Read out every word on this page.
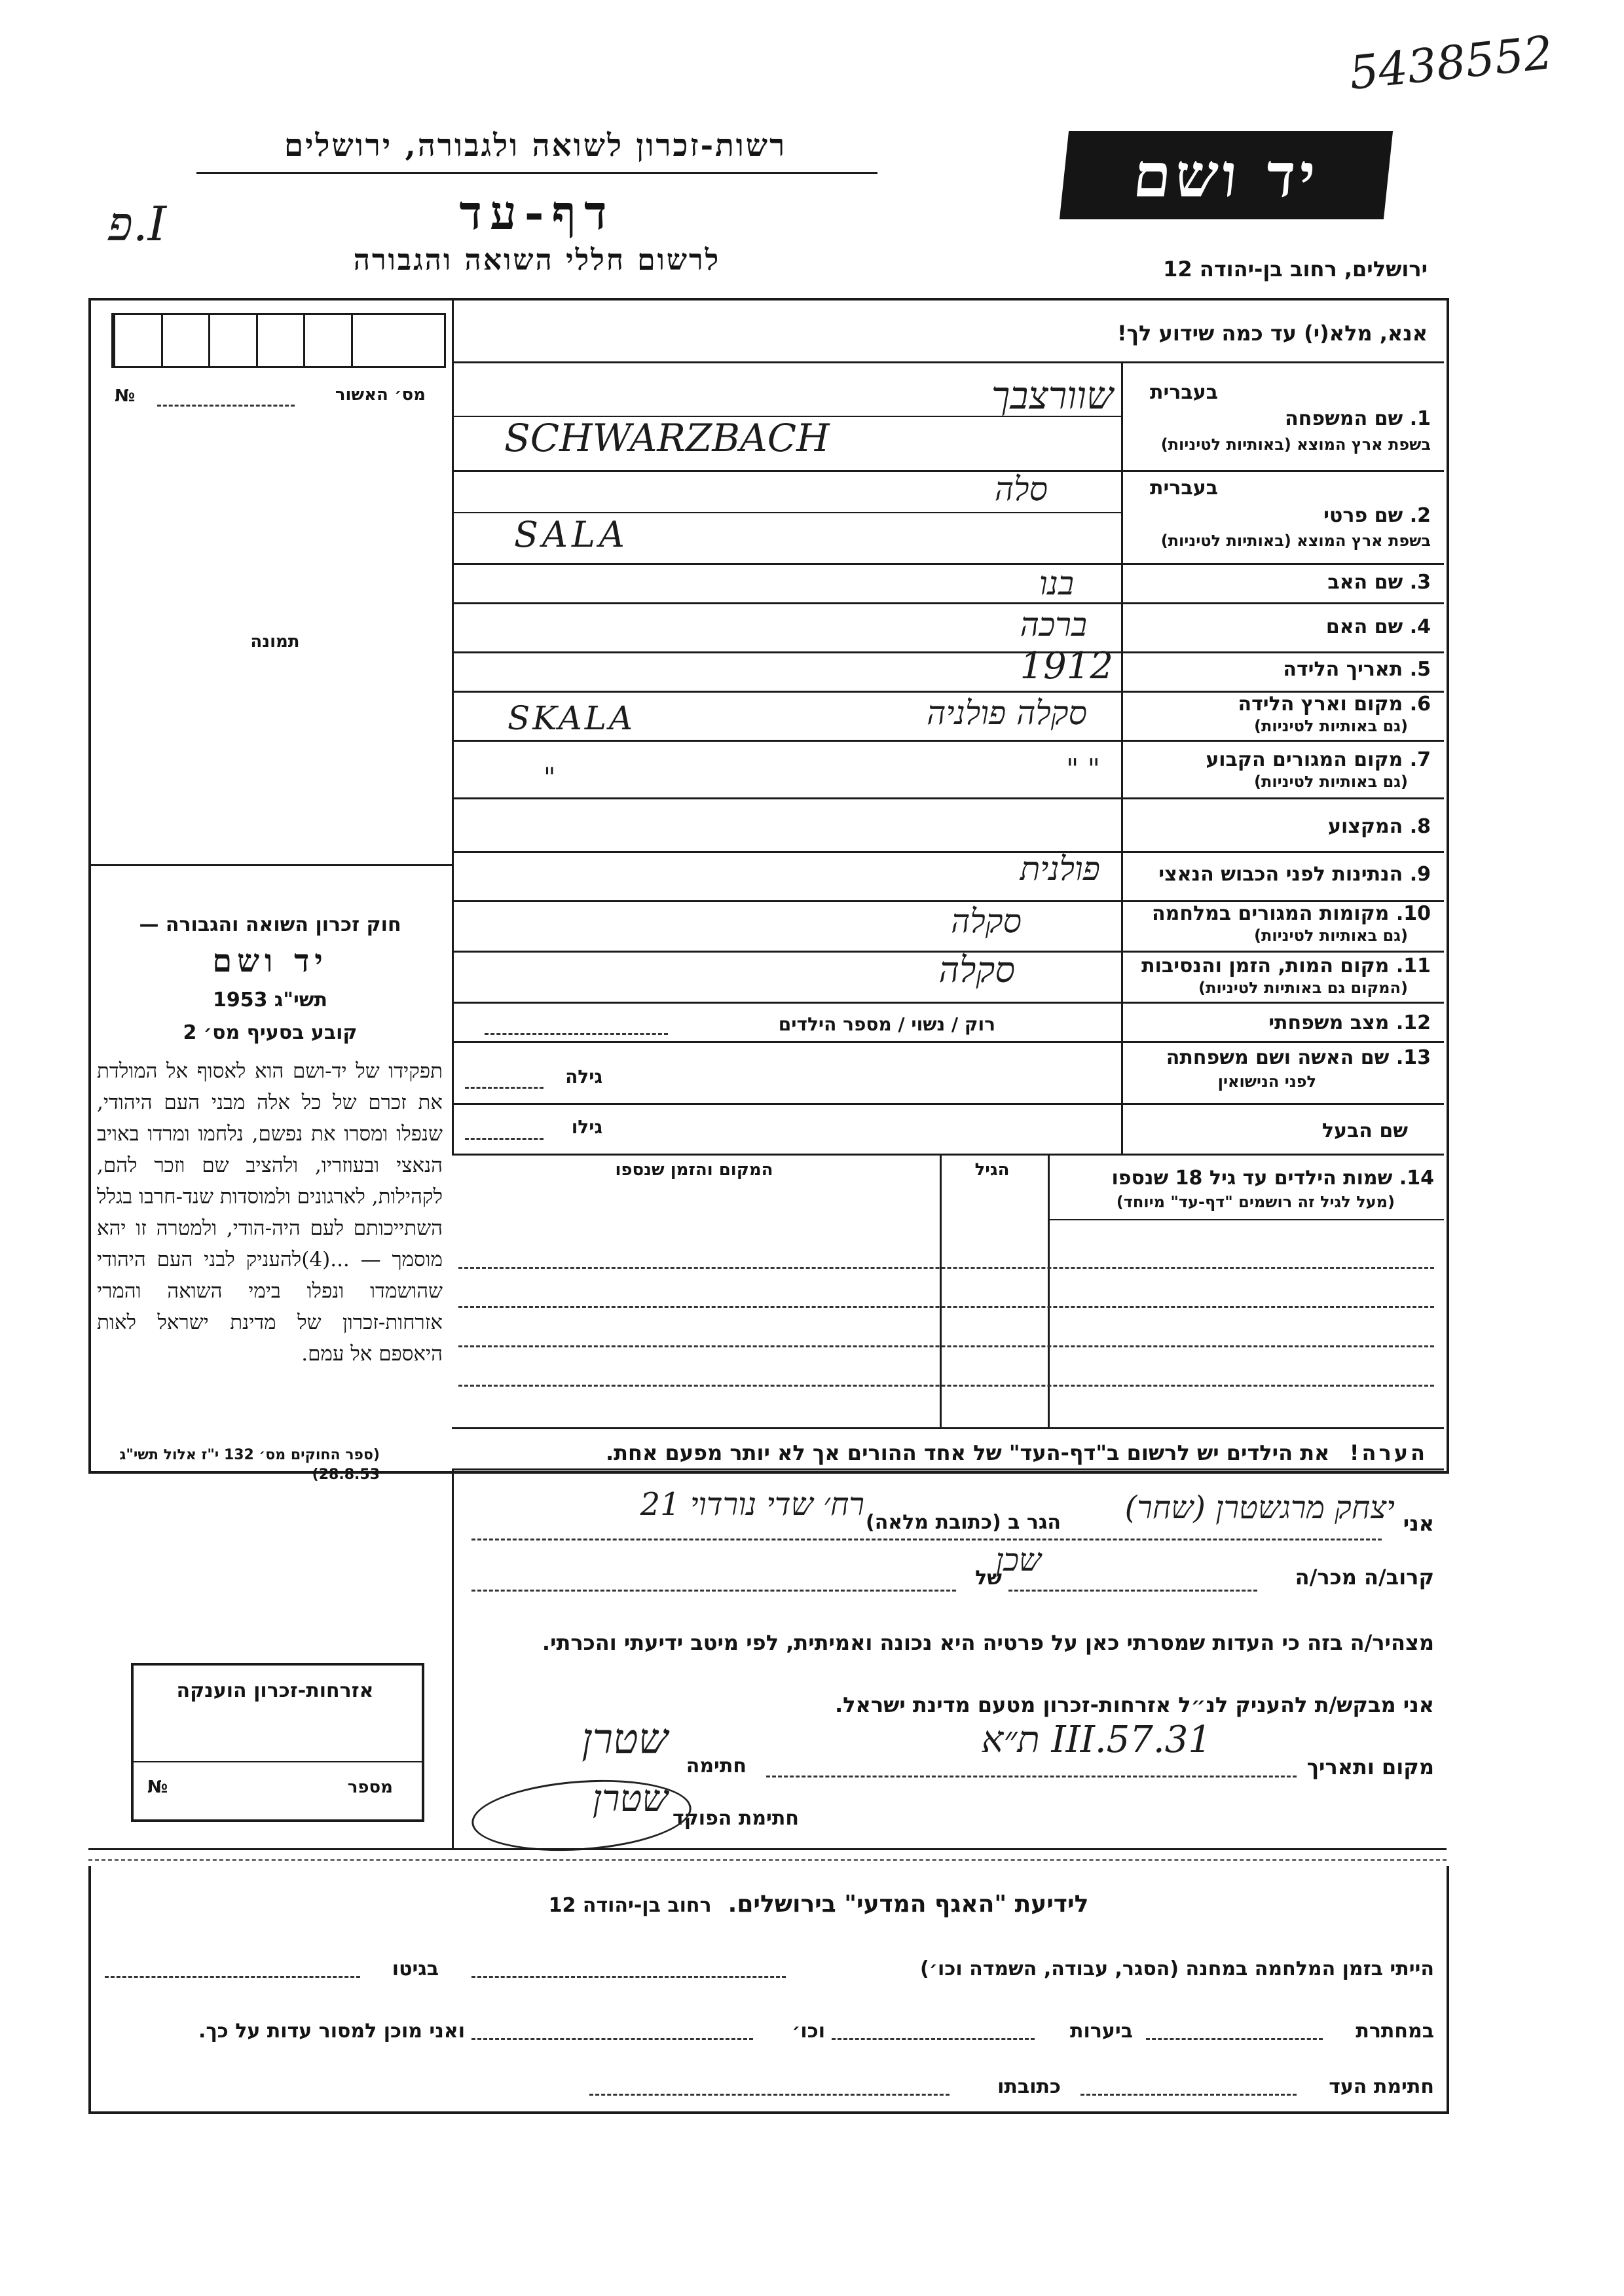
5438552
יד ושם
רשות-זכרון לשואה ולגבורה, ירושלים
דף-עד
לרשום חללי השואה והגבורה	ירושלים, רחוב בן-יהודה 12
פ.I
מס׳ האשור
№
תמונה
אנא, מלא(י) עד כמה שידוע לך!
בעברית
1. שם המשפחה
בשפת ארץ המוצא (באותיות לטיניות)
שוורצבך
SCHWARZBACH
בעברית
2. שם פרטי
בשפת ארץ המוצא (באותיות לטיניות)
סלה
SALA
3. שם האב
בנו
4. שם האם
ברכה
5. תאריך הלידה
1912
6. מקום וארץ הלידה
(גם באותיות לטיניות)
סקלה פולניה
SKALA
7. מקום המגורים הקבוע
(גם באותיות לטיניות)
" "
"
8. המקצוע
9. הנתינות לפני הכבוש הנאצי
פולנית
10. מקומות המגורים במלחמה
(גם באותיות לטיניות)
סקלה
11. מקום המות, הזמן והנסיבות
(המקום גם באותיות לטיניות)
סקלה
12. מצב משפחתי
רוק / נשוי / מספר הילדים
13. שם האשה ושם משפחתה
לפני הנישואין
גילה
שם הבעל
גילו
14. שמות הילדים עד גיל 18 שנספו
(מעל לגיל זה רושמים "דף-עד" מיוחד)
הגיל
המקום והזמן שנספו
הערה!   את הילדים יש לרשום ב"דף-העד" של אחד ההורים אך לא יותר מפעם אחת.
חוק זכרון השואה והגבורה —
יד ושם
תשי"ג 1953
קובע בסעיף מס׳ 2
תפקידו של יד-ושם הוא לאסוף אל המולדת את זכרם של כל אלה מבני העם היהודי, שנפלו ומסרו את נפשם, נלחמו ומרדו באויב הנאצי ובעוזריו, ולהציב שם וזכר להם, לקהילות, לארגונים ולמוסדות שנד-חרבו בגלל השתייכותם לעם היה-הודי, ולמטרה זו יהא מוסמך — ...(4)להעניק לבני העם היהודי שהושמדו ונפלו בימי השואה והמרי אזרחות-זכרון של מדינת ישראל לאות היאספם אל עמם.
(ספר החוקים מס׳ 132 י"ז אלול תשי"ג 28.8.53)
אני
יצחק מרגשטרן (שחר)
הגר ב (כתובת מלאה)
רח׳ שדי נורדוי 21
קרוב/ה מכר/ה
שכן
של
מצהיר/ה בזה כי העדות שמסרתי כאן על פרטיה היא נכונה ואמיתית, לפי מיטב ידיעתי והכרתי.
אני מבקש/ת להעניק לנ״ל אזרחות-זכרון מטעם מדינת ישראל.
מקום ותאריך
31.III.57 ת״א
חתימה
שטרן
חתימת הפוקד
שטרן
אזרחות-זכרון הוענקה
מספר
№
לידיעת "האגף המדעי" בירושלים.  רחוב בן-יהודה 12
הייתי בזמן המלחמה במחנה (הסגר, עבודה, השמדה וכו׳)
בגיטו
במחתרת
ביערות
וכו׳
ואני מוכן למסור עדות על כך.
חתימת העד
כתובתו
